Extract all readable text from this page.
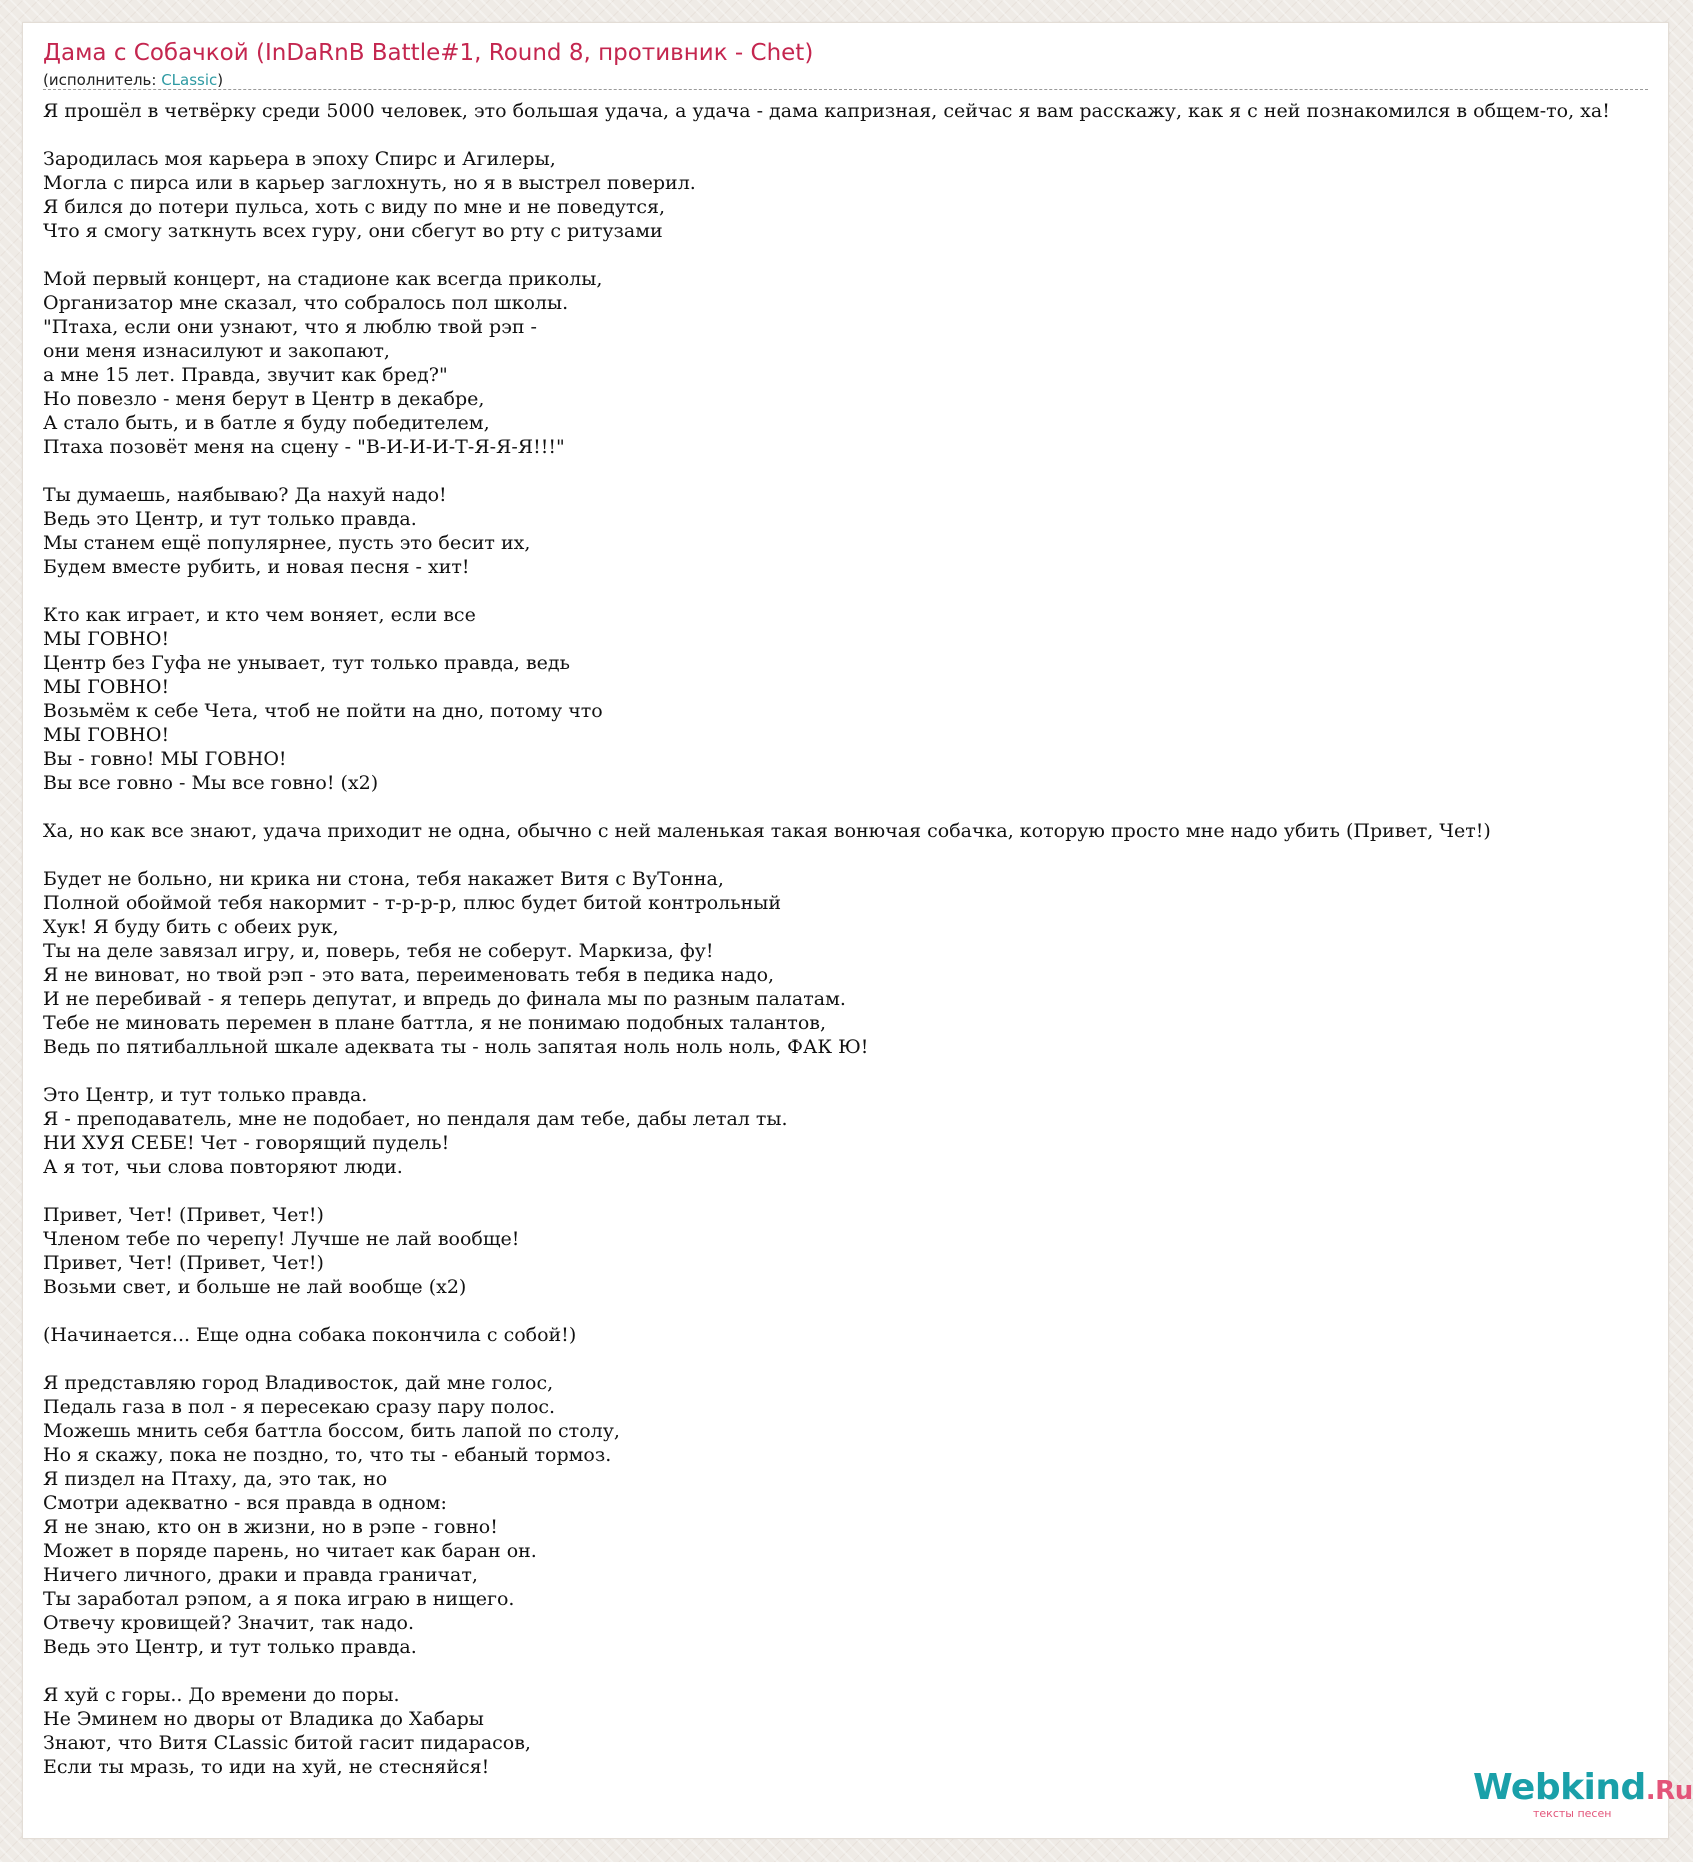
Дама с Собачкой (InDaRnB Battle#1, Round 8, противник - Chet)
(исполнитель: CLassic)
Я прошёл в четвёрку среди 5000 человек, это большая удача, а удача - дама капризная, сейчас я вам расскажу, как я с ней познакомился в общем-то, ха!

Зародилась моя карьера в эпоху Спирс и Агилеры,
Могла с пирса или в карьер заглохнуть, но я в выстрел поверил.
Я бился до потери пульса, хоть с виду по мне и не поведутся,
Что я смогу заткнуть всех гуру, они сбегут во рту с ритузами

Мой первый концерт, на стадионе как всегда приколы,
Организатор мне сказал, что собралось пол школы.
"Птаха, если они узнают, что я люблю твой рэп -
они меня изнасилуют и закопают,
а мне 15 лет. Правда, звучит как бред?"
Но повезло - меня берут в Центр в декабре,
А стало быть, и в батле я буду победителем,
Птаха позовёт меня на сцену - "В-И-И-И-Т-Я-Я-Я!!!"

Ты думаешь, наябываю? Да нахуй надо!
Ведь это Центр, и тут только правда.
Мы станем ещё популярнее, пусть это бесит их,
Будем вместе рубить, и новая песня - хит!

Кто как играет, и кто чем воняет, если все
МЫ ГОВНО!
Центр без Гуфа не унывает, тут только правда, ведь
МЫ ГОВНО!
Возьмём к себе Чета, чтоб не пойти на дно, потому что
МЫ ГОВНО!
Вы - говно! МЫ ГОВНО!
Вы все говно - Мы все говно! (x2)

Ха, но как все знают, удача приходит не одна, обычно с ней маленькая такая вонючая собачка, которую просто мне надо убить (Привет, Чет!)

Будет не больно, ни крика ни стона, тебя накажет Витя с ВуТонна,
Полной обоймой тебя накормит - т-р-р-р, плюс будет битой контрольный
Хук! Я буду бить с обеих рук,
Ты на деле завязал игру, и, поверь, тебя не соберут. Маркиза, фу!
Я не виноват, но твой рэп - это вата, переименовать тебя в педика надо,
И не перебивай - я теперь депутат, и впредь до финала мы по разным палатам.
Тебе не миновать перемен в плане баттла, я не понимаю подобных талантов,
Ведь по пятибалльной шкале адеквата ты - ноль запятая ноль ноль ноль, ФАК Ю!

Это Центр, и тут только правда.
Я - преподаватель, мне не подобает, но пендаля дам тебе, дабы летал ты.
НИ ХУЯ СЕБЕ! Чет - говорящий пудель!
А я тот, чьи слова повторяют люди.

Привет, Чет! (Привет, Чет!)
Членом тебе по черепу! Лучше не лай вообще!
Привет, Чет! (Привет, Чет!)
Возьми свет, и больше не лай вообще (x2)

(Начинается... Еще одна собака покончила с собой!)

Я представляю город Владивосток, дай мне голос,
Педаль газа в пол - я пересекаю сразу пару полос.
Можешь мнить себя баттла боссом, бить лапой по столу,
Но я скажу, пока не поздно, то, что ты - ебаный тормоз.
Я пиздел на Птаху, да, это так, но
Смотри адекватно - вся правда в одном:
Я не знаю, кто он в жизни, но в рэпе - говно!
Может в поряде парень, но читает как баран он.
Ничего личного, драки и правда граничат,
Ты заработал рэпом, а я пока играю в нищего.
Отвечу кровищей? Значит, так надо.
Ведь это Центр, и тут только правда.

Я хуй с горы.. До времени до поры.
Не Эминем но дворы от Владика до Хабары
Знают, что Витя CLassic битой гасит пидарасов,
Если ты мразь, то иди на хуй, не стесняйся!	Webkind.Ru
тексты песен
